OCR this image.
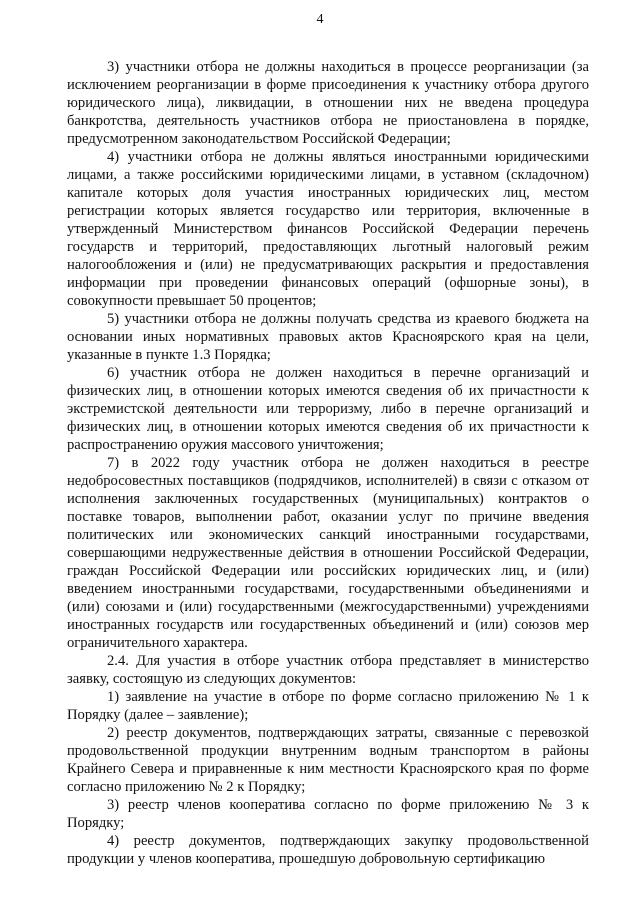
4

3) участники отбора не должны находиться в процессе реорганизации (за исключением реорганизации в форме присоединения к участнику отбора другого юридического лица), ликвидации, в отношении них не введена процедура банкротства, деятельность участников отбора не приостановлена в порядке, предусмотренном законодательством Российской Федерации;

4) участники отбора не должны являться иностранными юридическими лицами, а также российскими юридическими лицами, в уставном (складочном) капитале которых доля участия иностранных юридических лиц, местом регистрации которых является государство или территория, включенные в утвержденный Министерством финансов Российской Федерации перечень государств и территорий, предоставляющих льготный налоговый режим налогообложения и (или) не предусматривающих раскрытия и предоставления информации при проведении финансовых операций (офшорные зоны), в совокупности превышает 50 процентов;

5) участники отбора не должны получать средства из краевого бюджета на основании иных нормативных правовых актов Красноярского края на цели, указанные в пункте 1.3 Порядка;

6) участник отбора не должен находиться в перечне организаций и физических лиц, в отношении которых имеются сведения об их причастности к экстремистской деятельности или терроризму, либо в перечне организаций и физических лиц, в отношении которых имеются сведения об их причастности к распространению оружия массового уничтожения;

7) в 2022 году участник отбора не должен находиться в реестре недобросовестных поставщиков (подрядчиков, исполнителей) в связи с отказом от исполнения заключенных государственных (муниципальных) контрактов о поставке товаров, выполнении работ, оказании услуг по причине введения политических или экономических санкций иностранными государствами, совершающими недружественные действия в отношении Российской Федерации, граждан Российской Федерации или российских юридических лиц, и (или) введением иностранными государствами, государственными объединениями и (или) союзами и (или) государственными (межгосударственными) учреждениями иностранных государств или государственных объединений и (или) союзов мер ограничительного характера.

2.4. Для участия в отборе участник отбора представляет в министерство заявку, состоящую из следующих документов:

1) заявление на участие в отборе по форме согласно приложению № 1 к Порядку (далее – заявление);

2) реестр документов, подтверждающих затраты, связанные с перевозкой продовольственной продукции внутренним водным транспортом в районы Крайнего Севера и приравненные к ним местности Красноярского края по форме согласно приложению № 2 к Порядку;

3) реестр членов кооператива согласно по форме приложению № 3 к Порядку;

4) реестр документов, подтверждающих закупку продовольственной продукции у членов кооператива, прошедшую добровольную сертификацию
